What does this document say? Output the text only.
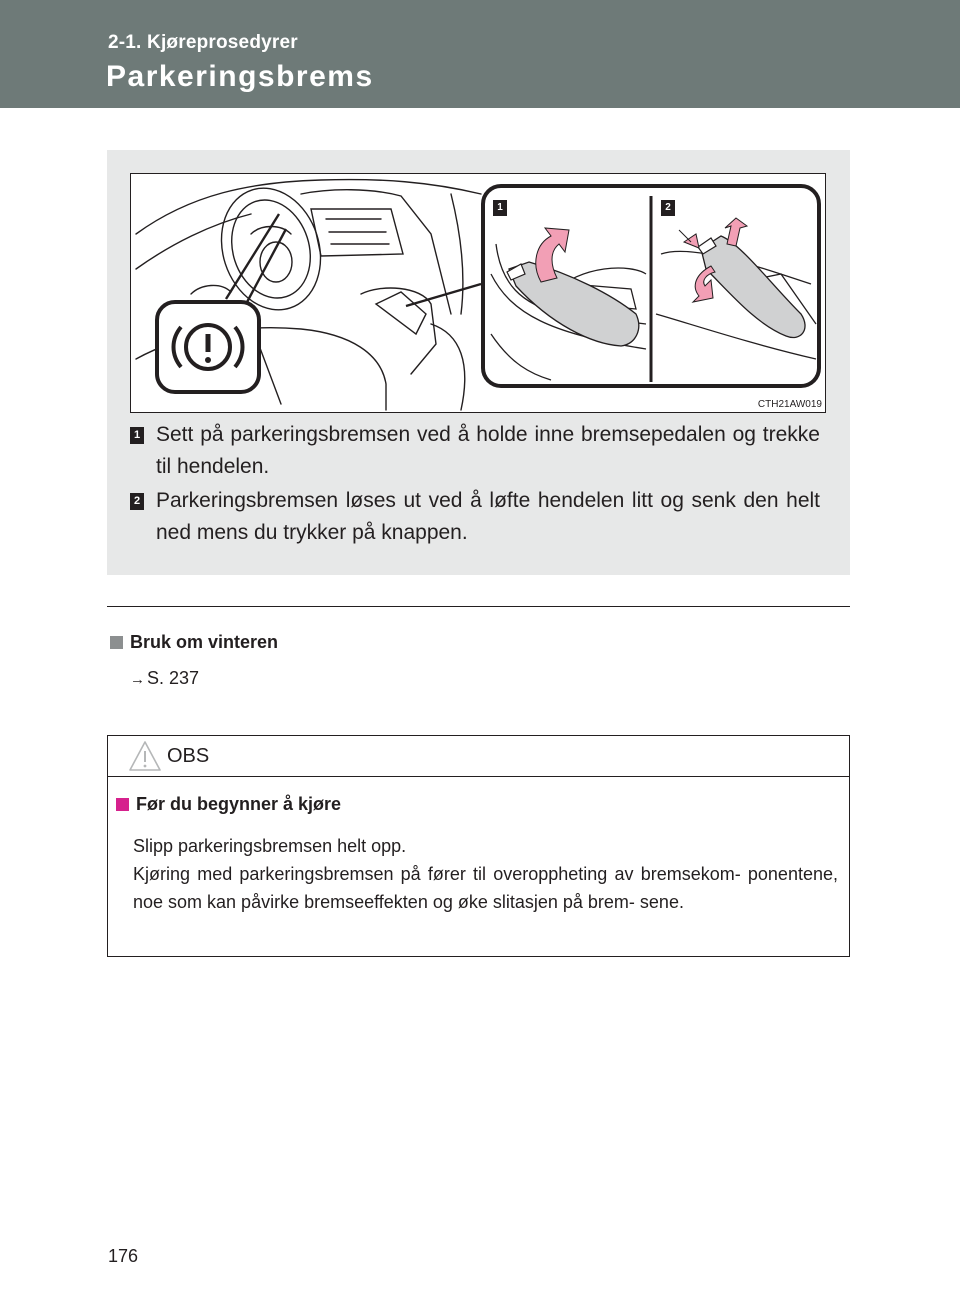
2-1. Kjøreprosedyrer
Parkeringsbrems
1	2
CTH21AW019
1 Sett på parkeringsbremsen ved å holde inne bremsepedalen og trekke til hendelen.
2 Parkeringsbremsen løses ut ved å løfte hendelen litt og senk den helt ned mens du trykker på knappen.
Bruk om vinteren
→ S. 237
OBS
Før du begynner å kjøre
Slipp parkeringsbremsen helt opp.
Kjøring med parkeringsbremsen på fører til overoppheting av bremsekom- ponentene, noe som kan påvirke bremseeffekten og øke slitasjen på brem- sene.
176
